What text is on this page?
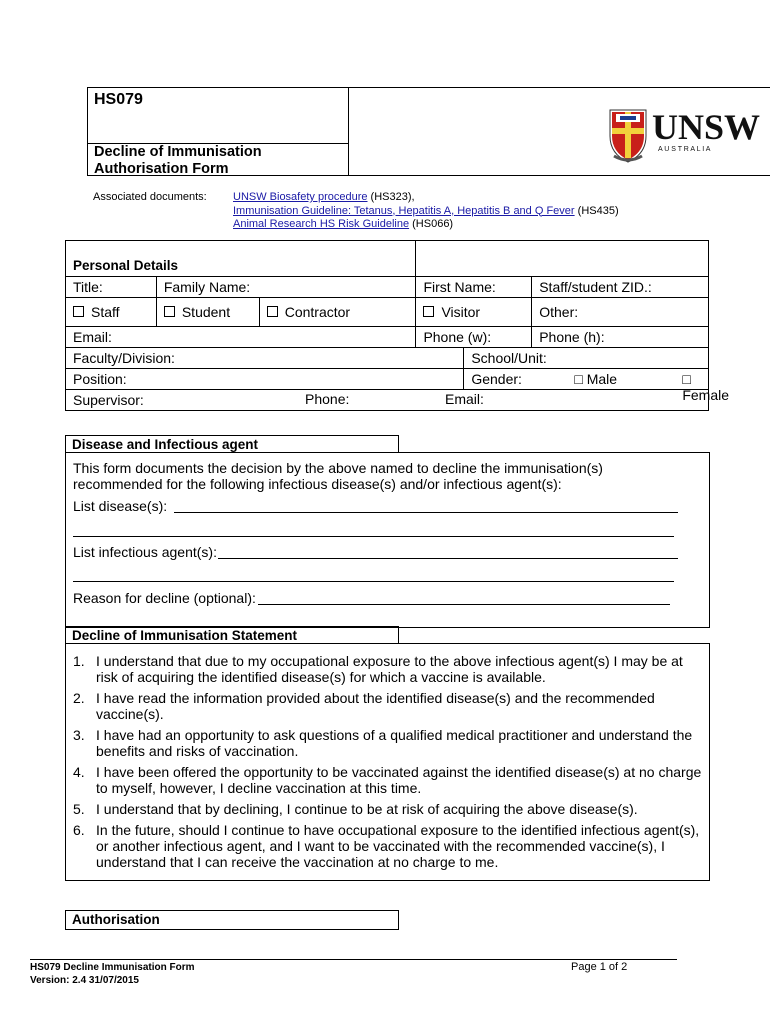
HS079
Decline of Immunisation
Authorisation Form
UNSW
A U S T R A L I A
Associated documents: UNSW Biosafety procedure (HS323),
Immunisation Guideline: Tetanus, Hepatitis A, Hepatitis B and Q Fever (HS435)
Animal Research HS Risk Guideline (HS066)
Personal Details					
Title:	Family Name:		First Name:		Staff/student ZID.:
Staff	Student	Contractor	Visitor		Other:
Email:			Phone (w):		Phone (h):
Faculty/Division:				School/Unit:	
Position:				Gender: □ Male □ Female	

Supervisor: Phone: Email:					
Disease and Infectious agent
This form documents the decision by the above named to decline the immunisation(s) recommended for the following infectious disease(s) and/or infectious agent(s):
List disease(s):
List infectious agent(s):
Reason for decline (optional):
Decline of Immunisation Statement
1. I understand that due to my occupational exposure to the above infectious agent(s) I may be at risk of acquiring the identified disease(s) for which a vaccine is available.
2. I have read the information provided about the identified disease(s) and the recommended vaccine(s).
3. I have had an opportunity to ask questions of a qualified medical practitioner and understand the benefits and risks of vaccination.
4. I have been offered the opportunity to be vaccinated against the identified disease(s) at no charge to myself, however, I decline vaccination at this time.
5. I understand that by declining, I continue to be at risk of acquiring the above disease(s).
6. In the future, should I continue to have occupational exposure to the identified infectious agent(s), or another infectious agent, and I want to be vaccinated with the recommended vaccine(s), I understand that I can receive the vaccination at no charge to me.
Authorisation
HS079 Decline Immunisation Form
Version: 2.4 31/07/2015
Page 1 of 2
